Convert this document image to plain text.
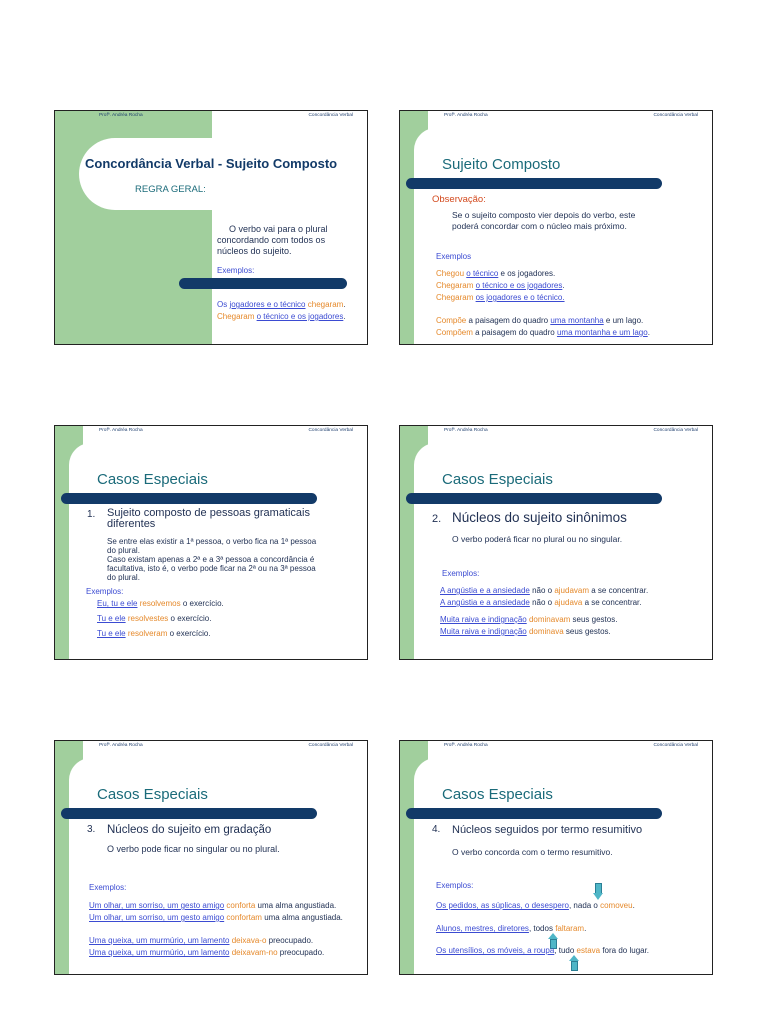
Profª. Andréa Rocha	Concordância Verbal
Concordância Verbal - Sujeito Composto
REGRA GERAL:
O verbo vai para o plural
concordando com todos os
núcleos do sujeito.
Exemplos:
Os jogadores e o técnico chegaram.
Chegaram o técnico e os jogadores.
Profª. Andréa Rocha	Concordância Verbal
Sujeito Composto
Observação:
Se o sujeito composto vier depois do verbo, este
poderá concordar com o núcleo mais próximo.
Exemplos
Chegou o técnico e os jogadores.
Chegaram o técnico e os jogadores.
Chegaram os jogadores e o técnico.
Compõe a paisagem do quadro uma montanha e um lago.
Compõem a paisagem do quadro uma montanha e um lago.
Profª. Andréa Rocha	Concordância Verbal
Casos Especiais
1. Sujeito composto de pessoas gramaticais
diferentes
Se entre elas existir a 1ª pessoa, o verbo fica na 1ª pessoa
do plural.
Caso existam apenas a 2ª e a 3ª pessoa a concordância é
facultativa, isto é, o verbo pode ficar na 2ª ou na 3ª pessoa
do plural.
Exemplos:
Eu, tu e ele resolvemos o exercício.
Tu e ele resolvestes o exercício.
Tu e ele resolveram o exercício.
Profª. Andréa Rocha	Concordância Verbal
Casos Especiais
2. Núcleos do sujeito sinônimos
O verbo poderá ficar no plural ou no singular.
Exemplos:
A angústia e a ansiedade não o ajudavam a se concentrar.
A angústia e a ansiedade não o ajudava a se concentrar.
Muita raiva e indignação dominavam seus gestos.
Muita raiva e indignação dominava seus gestos.
Profª. Andréa Rocha	Concordância Verbal
Casos Especiais
3. Núcleos do sujeito em gradação
O verbo pode ficar no singular ou no plural.
Exemplos:
Um olhar, um sorriso, um gesto amigo conforta uma alma angustiada.
Um olhar, um sorriso, um gesto amigo confortam uma alma angustiada.
Uma queixa, um murmúrio, um lamento deixava-o preocupado.
Uma queixa, um murmúrio, um lamento deixavam-no preocupado.
Profª. Andréa Rocha	Concordância Verbal
Casos Especiais
4. Núcleos seguidos por termo resumitivo
O verbo concorda com o termo resumitivo.
Exemplos:
Os pedidos, as súplicas, o desespero, nada o comoveu.
Alunos, mestres, diretores, todos faltaram.
Os utensílios, os móveis, a roupa, tudo estava fora do lugar.
